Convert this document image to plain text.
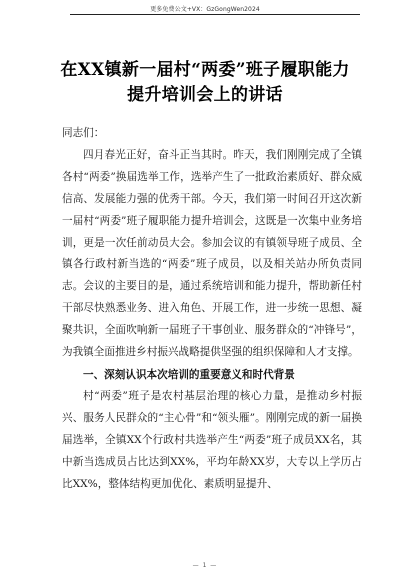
更多免费公文+VX：GzGongWen2024
在XX镇新一届村“两委”班子履职能力
提升培训会上的讲话

同志们：

四月春光正好，奋斗正当其时。昨天，我们刚刚完成了全镇各村“两委”换届选举工作，选举产生了一批政治素质好、群众威信高、发展能力强的优秀干部。今天，我们第一时间召开这次新一届村“两委”班子履职能力提升培训会，这既是一次集中业务培训，更是一次任前动员大会。参加会议的有镇领导班子成员、全镇各行政村新当选的“两委”班子成员，以及相关站办所负责同志。会议的主要目的是，通过系统培训和能力提升，帮助新任村干部尽快熟悉业务、进入角色、开展工作，进一步统一思想、凝聚共识，全面吹响新一届班子干事创业、服务群众的“冲锋号”，为我镇全面推进乡村振兴战略提供坚强的组织保障和人才支撑。

一、深刻认识本次培训的重要意义和时代背景

村“两委”班子是农村基层治理的核心力量，是推动乡村振兴、服务人民群众的“主心骨”和“领头雁”。刚刚完成的新一届换届选举，全镇XX个行政村共选举产生“两委”班子成员XX名，其中新当选成员占比达到XX%，平均年龄XX岁，大专以上学历占比XX%，整体结构更加优化、素质明显提升、

— 1 —
